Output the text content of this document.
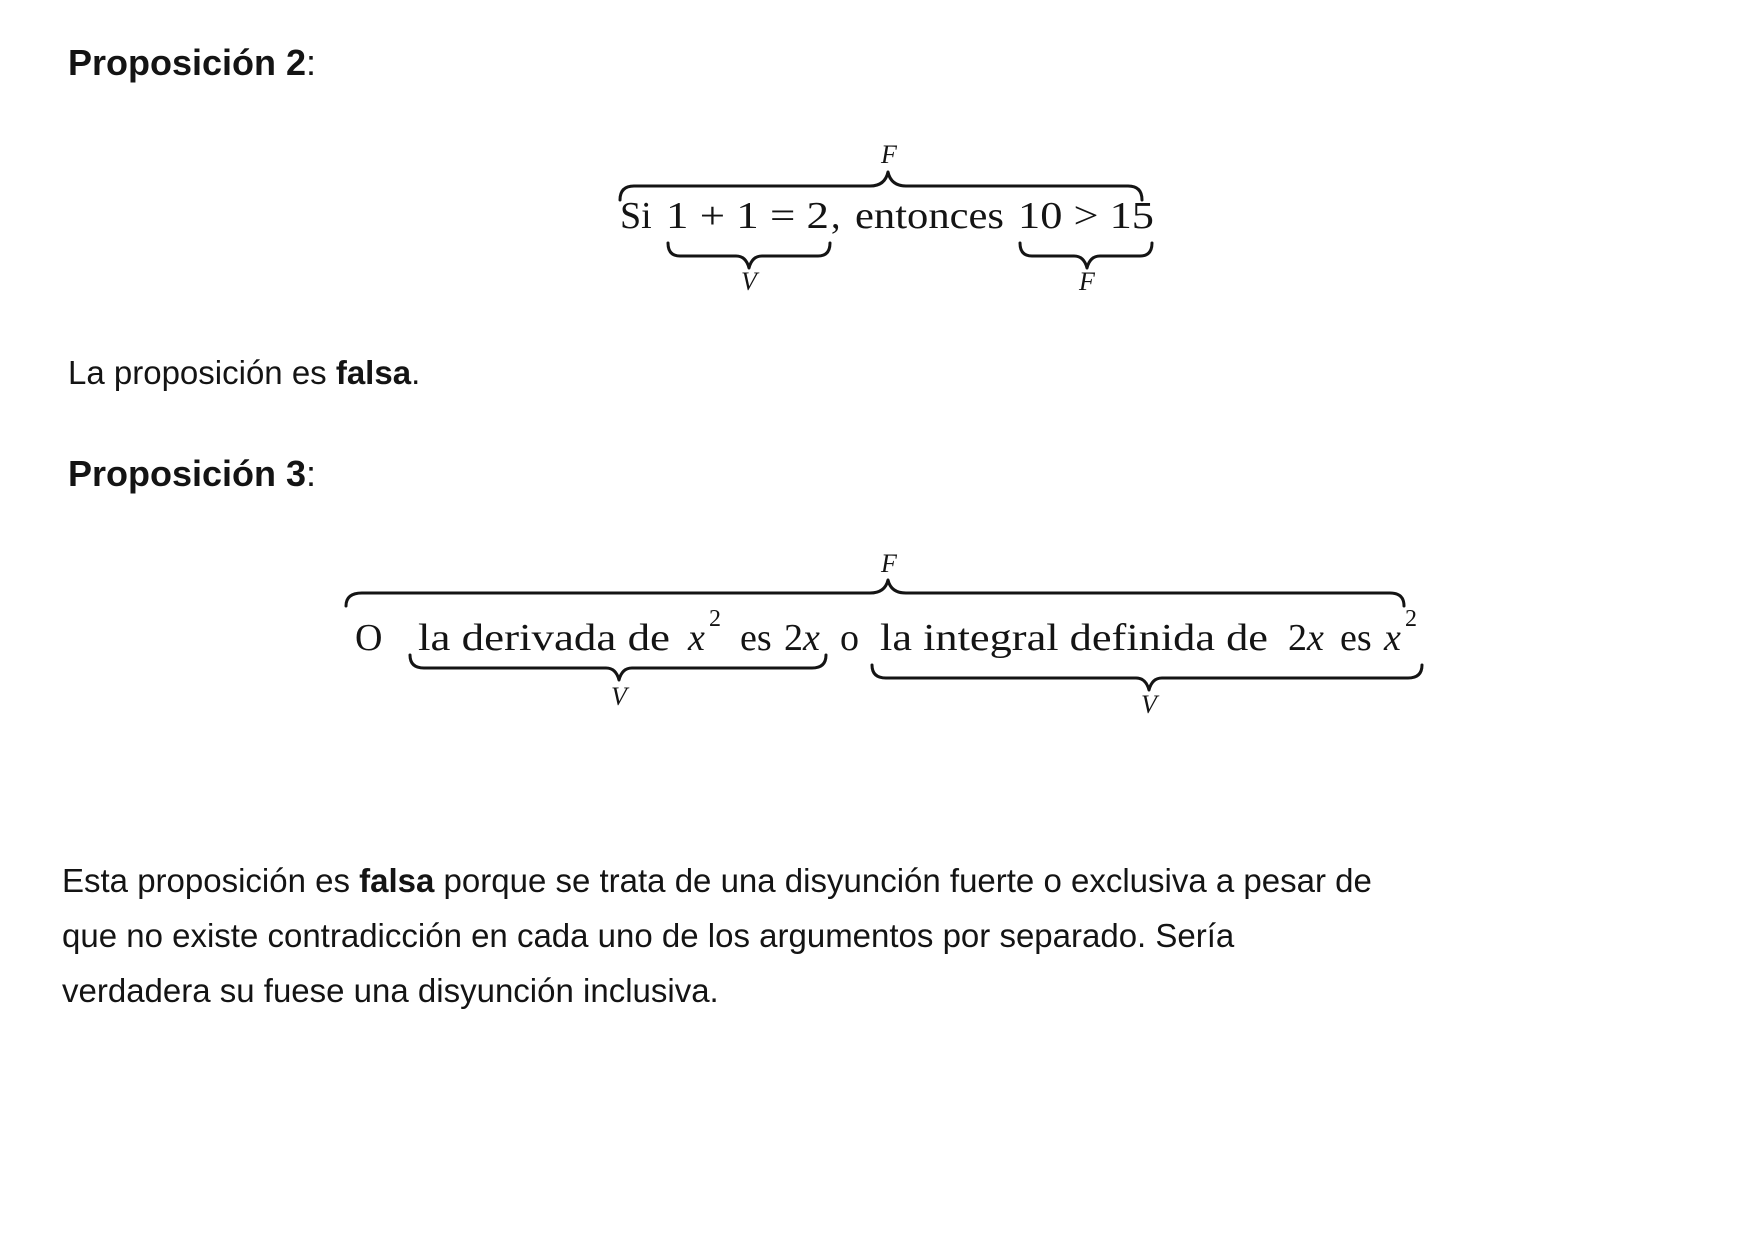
Proposición 2:
F
Si 1 + 1 = 2 , entonces 10 > 15
V	F
La proposición es falsa.
Proposición 3:
F
O la derivada de x 2 es 2 x o la integral definida de 2 x es x 2
V	V
Esta proposición es falsa porque se trata de una disyunción fuerte o exclusiva a pesar de
que no existe contradicción en cada uno de los argumentos por separado. Sería
verdadera su fuese una disyunción inclusiva.
